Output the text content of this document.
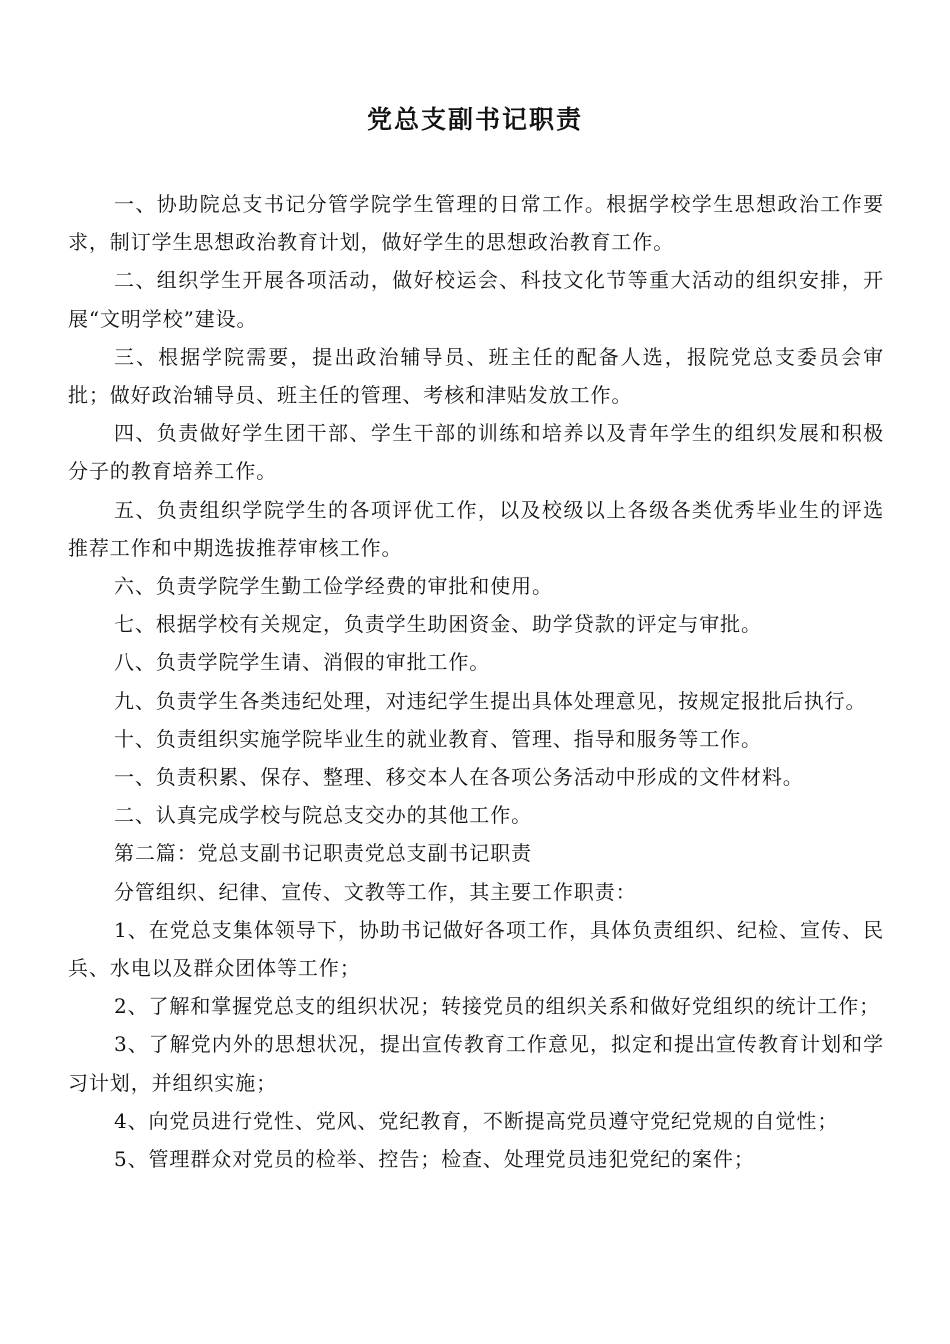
党总支副书记职责

一、协助院总支书记分管学院学生管理的日常工作。根据学校学生思想政治工作要求，制订学生思想政治教育计划，做好学生的思想政治教育工作。

二、组织学生开展各项活动，做好校运会、科技文化节等重大活动的组织安排，开展“文明学校”建设。

三、根据学院需要，提出政治辅导员、班主任的配备人选，报院党总支委员会审批；做好政治辅导员、班主任的管理、考核和津贴发放工作。

四、负责做好学生团干部、学生干部的训练和培养以及青年学生的组织发展和积极分子的教育培养工作。

五、负责组织学院学生的各项评优工作，以及校级以上各级各类优秀毕业生的评选推荐工作和中期选拔推荐审核工作。

六、负责学院学生勤工俭学经费的审批和使用。

七、根据学校有关规定，负责学生助困资金、助学贷款的评定与审批。

八、负责学院学生请、消假的审批工作。

九、负责学生各类违纪处理，对违纪学生提出具体处理意见，按规定报批后执行。

十、负责组织实施学院毕业生的就业教育、管理、指导和服务等工作。

一、负责积累、保存、整理、移交本人在各项公务活动中形成的文件材料。

二、认真完成学校与院总支交办的其他工作。

第二篇：党总支副书记职责党总支副书记职责

分管组织、纪律、宣传、文教等工作，其主要工作职责：

1、在党总支集体领导下，协助书记做好各项工作，具体负责组织、纪检、宣传、民兵、水电以及群众团体等工作；

2、了解和掌握党总支的组织状况；转接党员的组织关系和做好党组织的统计工作；

3、了解党内外的思想状况，提出宣传教育工作意见，拟定和提出宣传教育计划和学习计划，并组织实施；

4、向党员进行党性、党风、党纪教育，不断提高党员遵守党纪党规的自觉性；

5、管理群众对党员的检举、控告；检查、处理党员违犯党纪的案件；
